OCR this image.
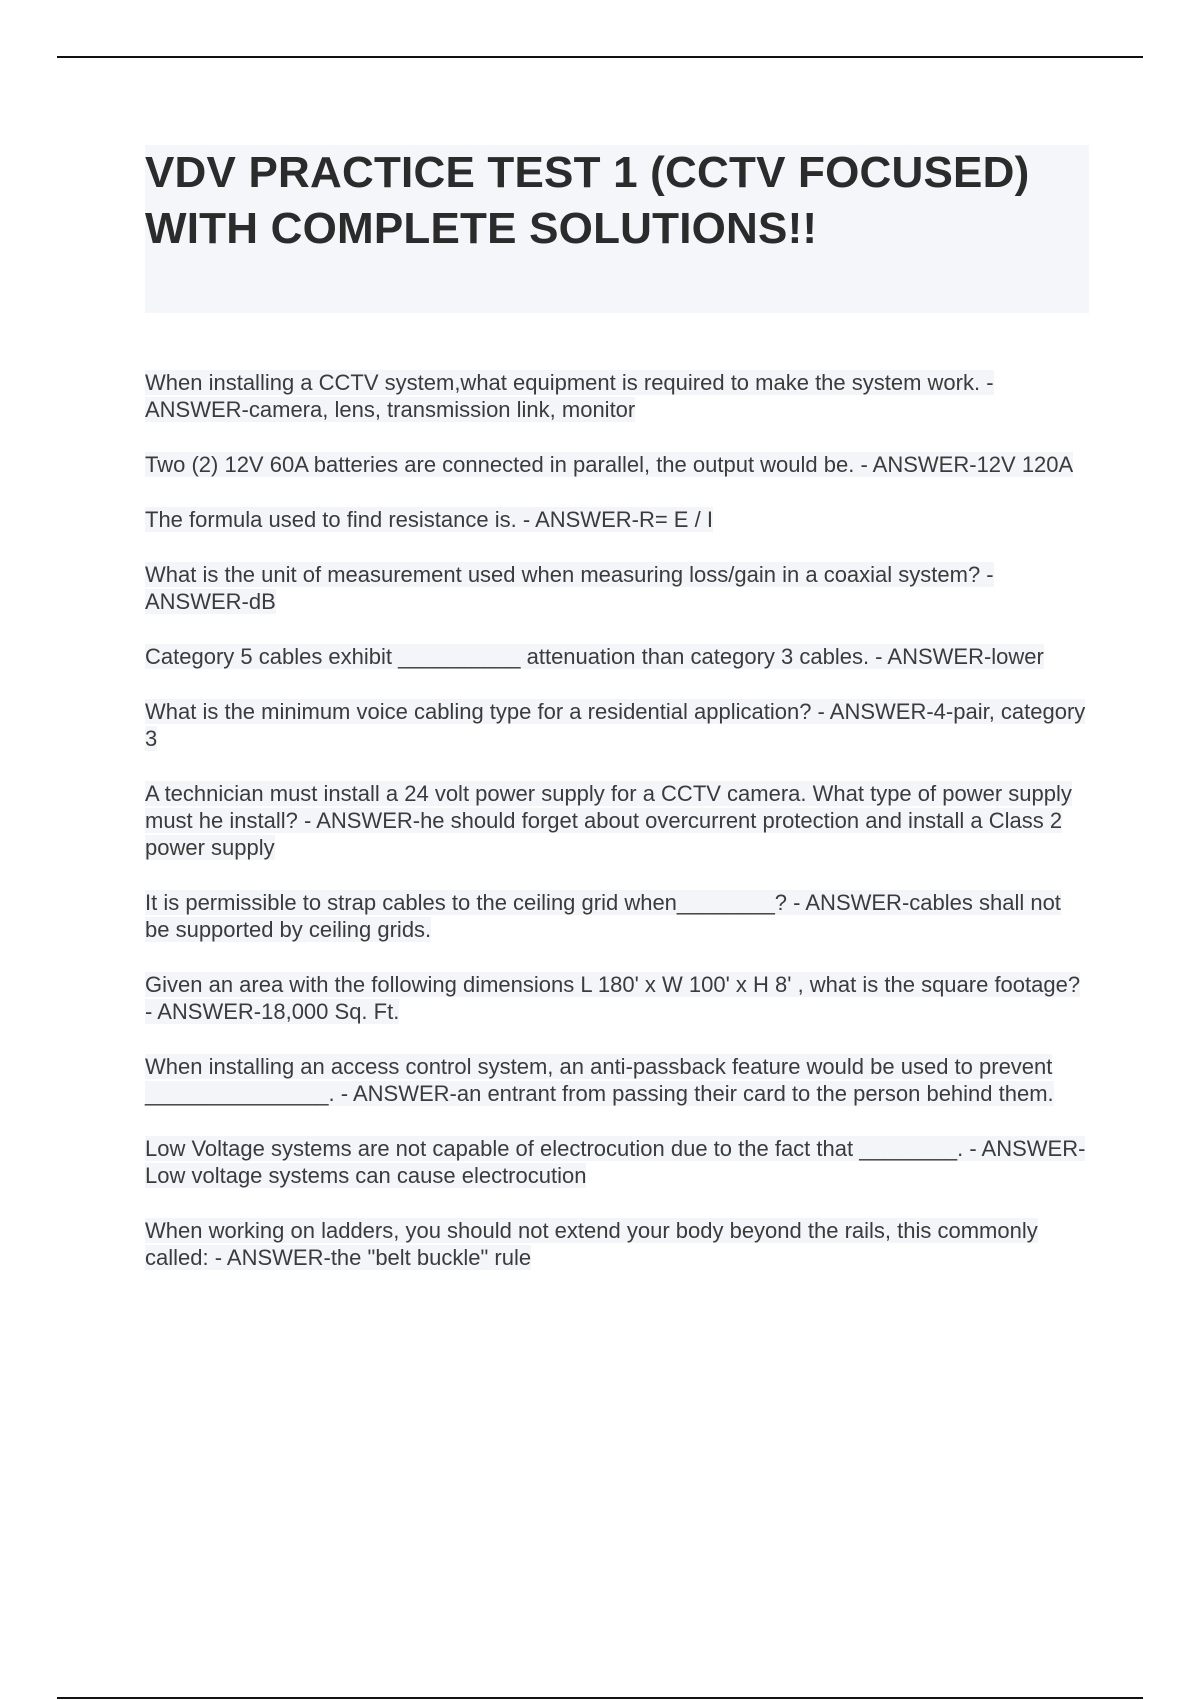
VDV PRACTICE TEST 1 (CCTV FOCUSED) WITH COMPLETE SOLUTIONS!!
When installing a CCTV system,what equipment is required to make the system work. - ANSWER-camera, lens, transmission link, monitor
Two (2) 12V 60A batteries are connected in parallel, the output would be. - ANSWER-12V 120A
The formula used to find resistance is. - ANSWER-R= E / I
What is the unit of measurement used when measuring loss/gain in a coaxial system? - ANSWER-dB
Category 5 cables exhibit __________ attenuation than category 3 cables. - ANSWER-lower
What is the minimum voice cabling type for a residential application? - ANSWER-4-pair, category 3
A technician must install a 24 volt power supply for a CCTV camera. What type of power supply must he install? - ANSWER-he should forget about overcurrent protection and install a Class 2 power supply
It is permissible to strap cables to the ceiling grid when________? - ANSWER-cables shall not be supported by ceiling grids.
Given an area with the following dimensions L 180' x W 100' x H 8' , what is the square footage? - ANSWER-18,000 Sq. Ft.
When installing an access control system, an anti-passback feature would be used to prevent _______________. - ANSWER-an entrant from passing their card to the person behind them.
Low Voltage systems are not capable of electrocution due to the fact that ________. - ANSWER-Low voltage systems can cause electrocution
When working on ladders, you should not extend your body beyond the rails, this commonly called: - ANSWER-the "belt buckle" rule
